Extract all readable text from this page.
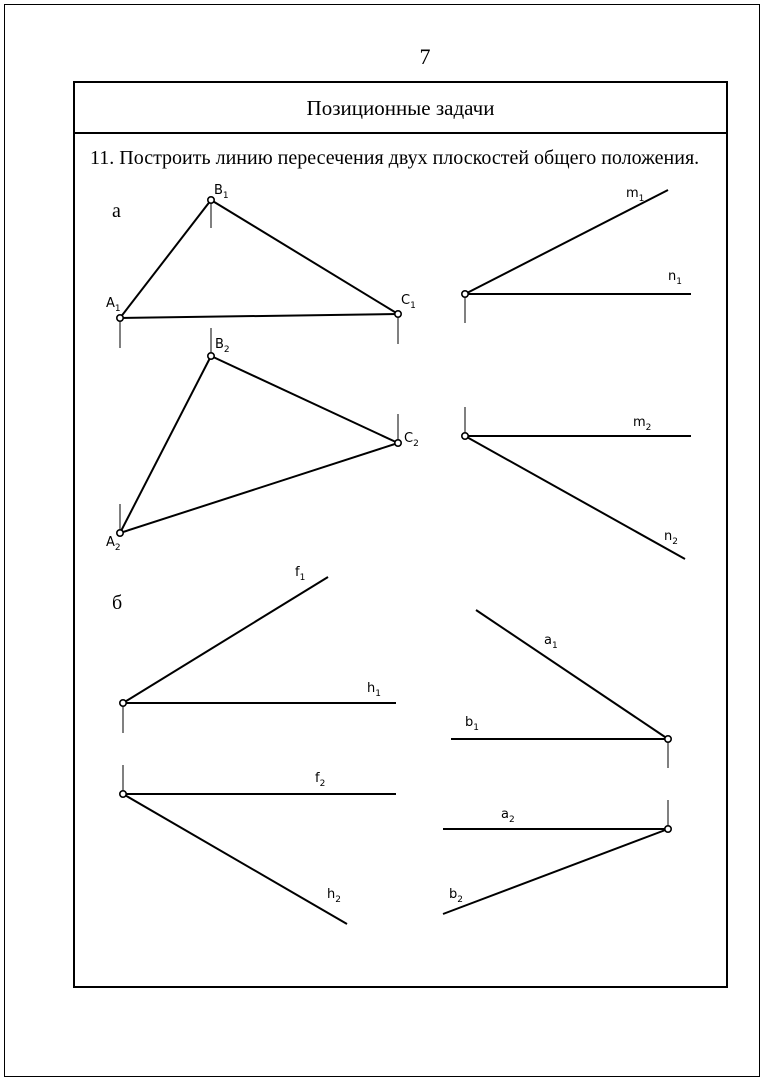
7
Позиционные задачи
11. Построить линию пересечения двух плоскостей общего положения.
а
б
$B_1$
$A_1$
$C_1$
$B_2$
$C_2$
$A_2$
$m_1$
$n_1$
$m_2$
$n_2$
$f_1$
$h_1$
$f_2$
$h_2$
$a_1$
$b_1$
$a_2$
$b_2$
